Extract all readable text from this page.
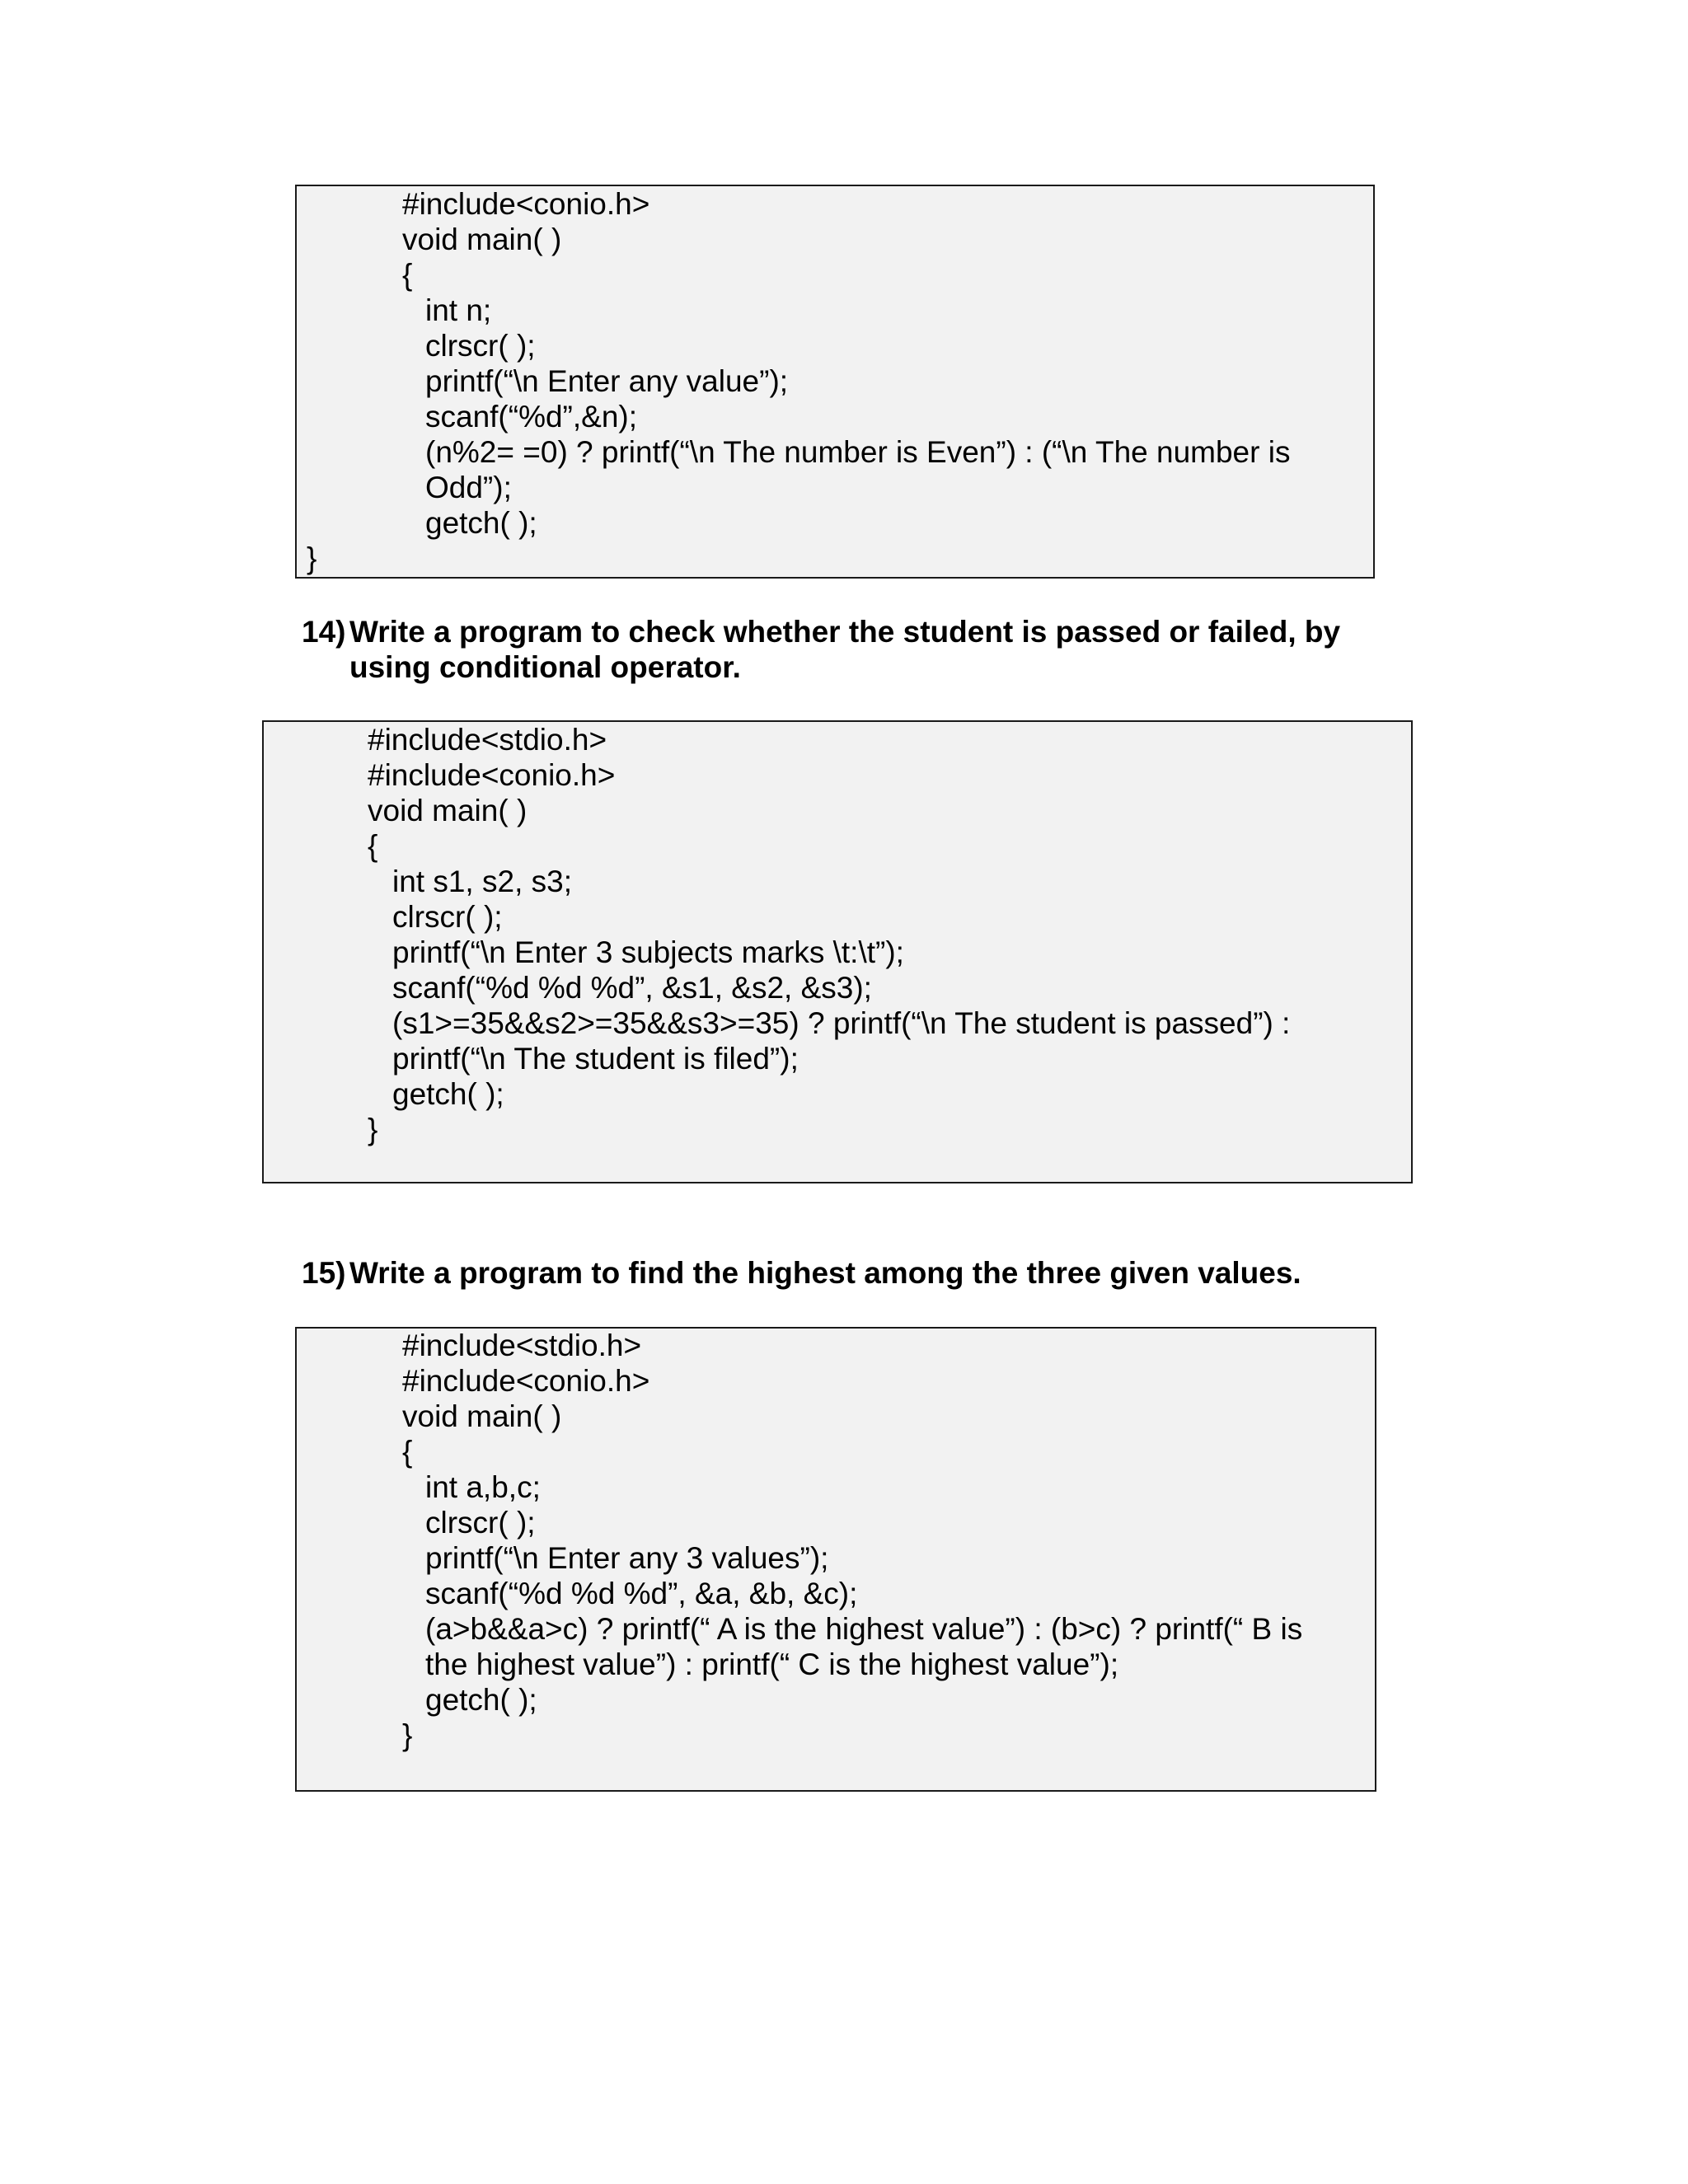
#include<conio.h>
void main( )
{
int n;
clrscr( );
printf(“\n Enter any value”);
scanf(“%d”,&n);
(n%2= =0) ? printf(“\n The number is Even”) : (“\n The number is
Odd”);
getch( );
}
14) Write a program to check whether the student is passed or failed, by
using conditional operator.
#include<stdio.h>
#include<conio.h>
void main( )
{
int s1, s2, s3;
clrscr( );
printf(“\n Enter 3 subjects marks \t:\t”);
scanf(“%d %d %d”, &s1, &s2, &s3);
(s1>=35&&s2>=35&&s3>=35) ? printf(“\n The student is passed”) :
printf(“\n The student is filed”);
getch( );
}
15) Write a program to find the highest among the three given values.
#include<stdio.h>
#include<conio.h>
void main( )
{
int a,b,c;
clrscr( );
printf(“\n Enter any 3 values”);
scanf(“%d %d %d”, &a, &b, &c);
(a>b&&a>c) ? printf(“ A is the highest value”) : (b>c) ? printf(“ B is
the highest value”) : printf(“ C is the highest value”);
getch( );
}
